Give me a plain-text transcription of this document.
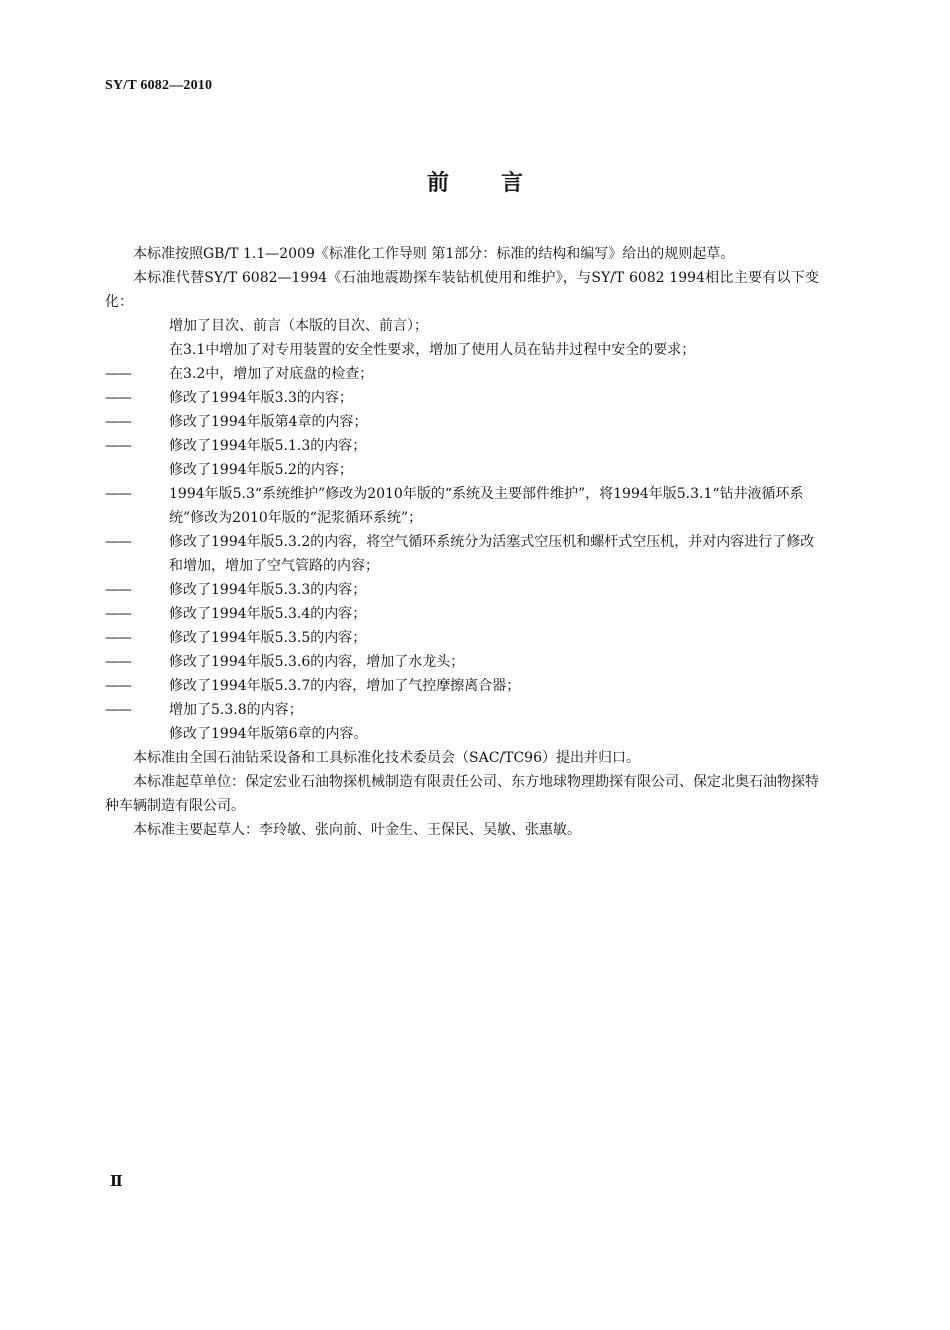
SY/T 6082—2010
前言
本标准按照GB/T 1.1—2009《标准化工作导则 第1部分：标准的结构和编写》给出的规则起草。
本标准代替SY/T 6082—1994《石油地震勘探车装钻机使用和维护》，与SY/T 6082 1994相比主要有以下变化：
增加了目次、前言（本版的目次、前言）；
在3.1中增加了对专用装置的安全性要求，增加了使用人员在钻井过程中安全的要求；
——	在3.2中，增加了对底盘的检查；
——	修改了1994年版3.3的内容；
——	修改了1994年版第4章的内容；
——	修改了1994年版5.1.3的内容；
修改了1994年版5.2的内容；
——	1994年版5.3“系统维护”修改为2010年版的“系统及主要部件维护”，将1994年版5.3.1“钻井液循环系统”修改为2010年版的“泥浆循环系统”；
——	修改了1994年版5.3.2的内容，将空气循环系统分为活塞式空压机和螺杆式空压机，并对内容进行了修改和增加，增加了空气管路的内容；
——	修改了1994年版5.3.3的内容；
——	修改了1994年版5.3.4的内容；
——	修改了1994年版5.3.5的内容；
——	修改了1994年版5.3.6的内容，增加了水龙头；
——	修改了1994年版5.3.7的内容，增加了气控摩擦离合器；
——	增加了5.3.8的内容；
修改了1994年版第6章的内容。
本标准由全国石油钻采设备和工具标准化技术委员会（SAC/TC96）提出并归口。
本标准起草单位：保定宏业石油物探机械制造有限责任公司、东方地球物理勘探有限公司、保定北奥石油物探特种车辆制造有限公司。
本标准主要起草人：李玲敏、张向前、叶金生、王保民、吴敏、张惠敏。
Ⅱ
